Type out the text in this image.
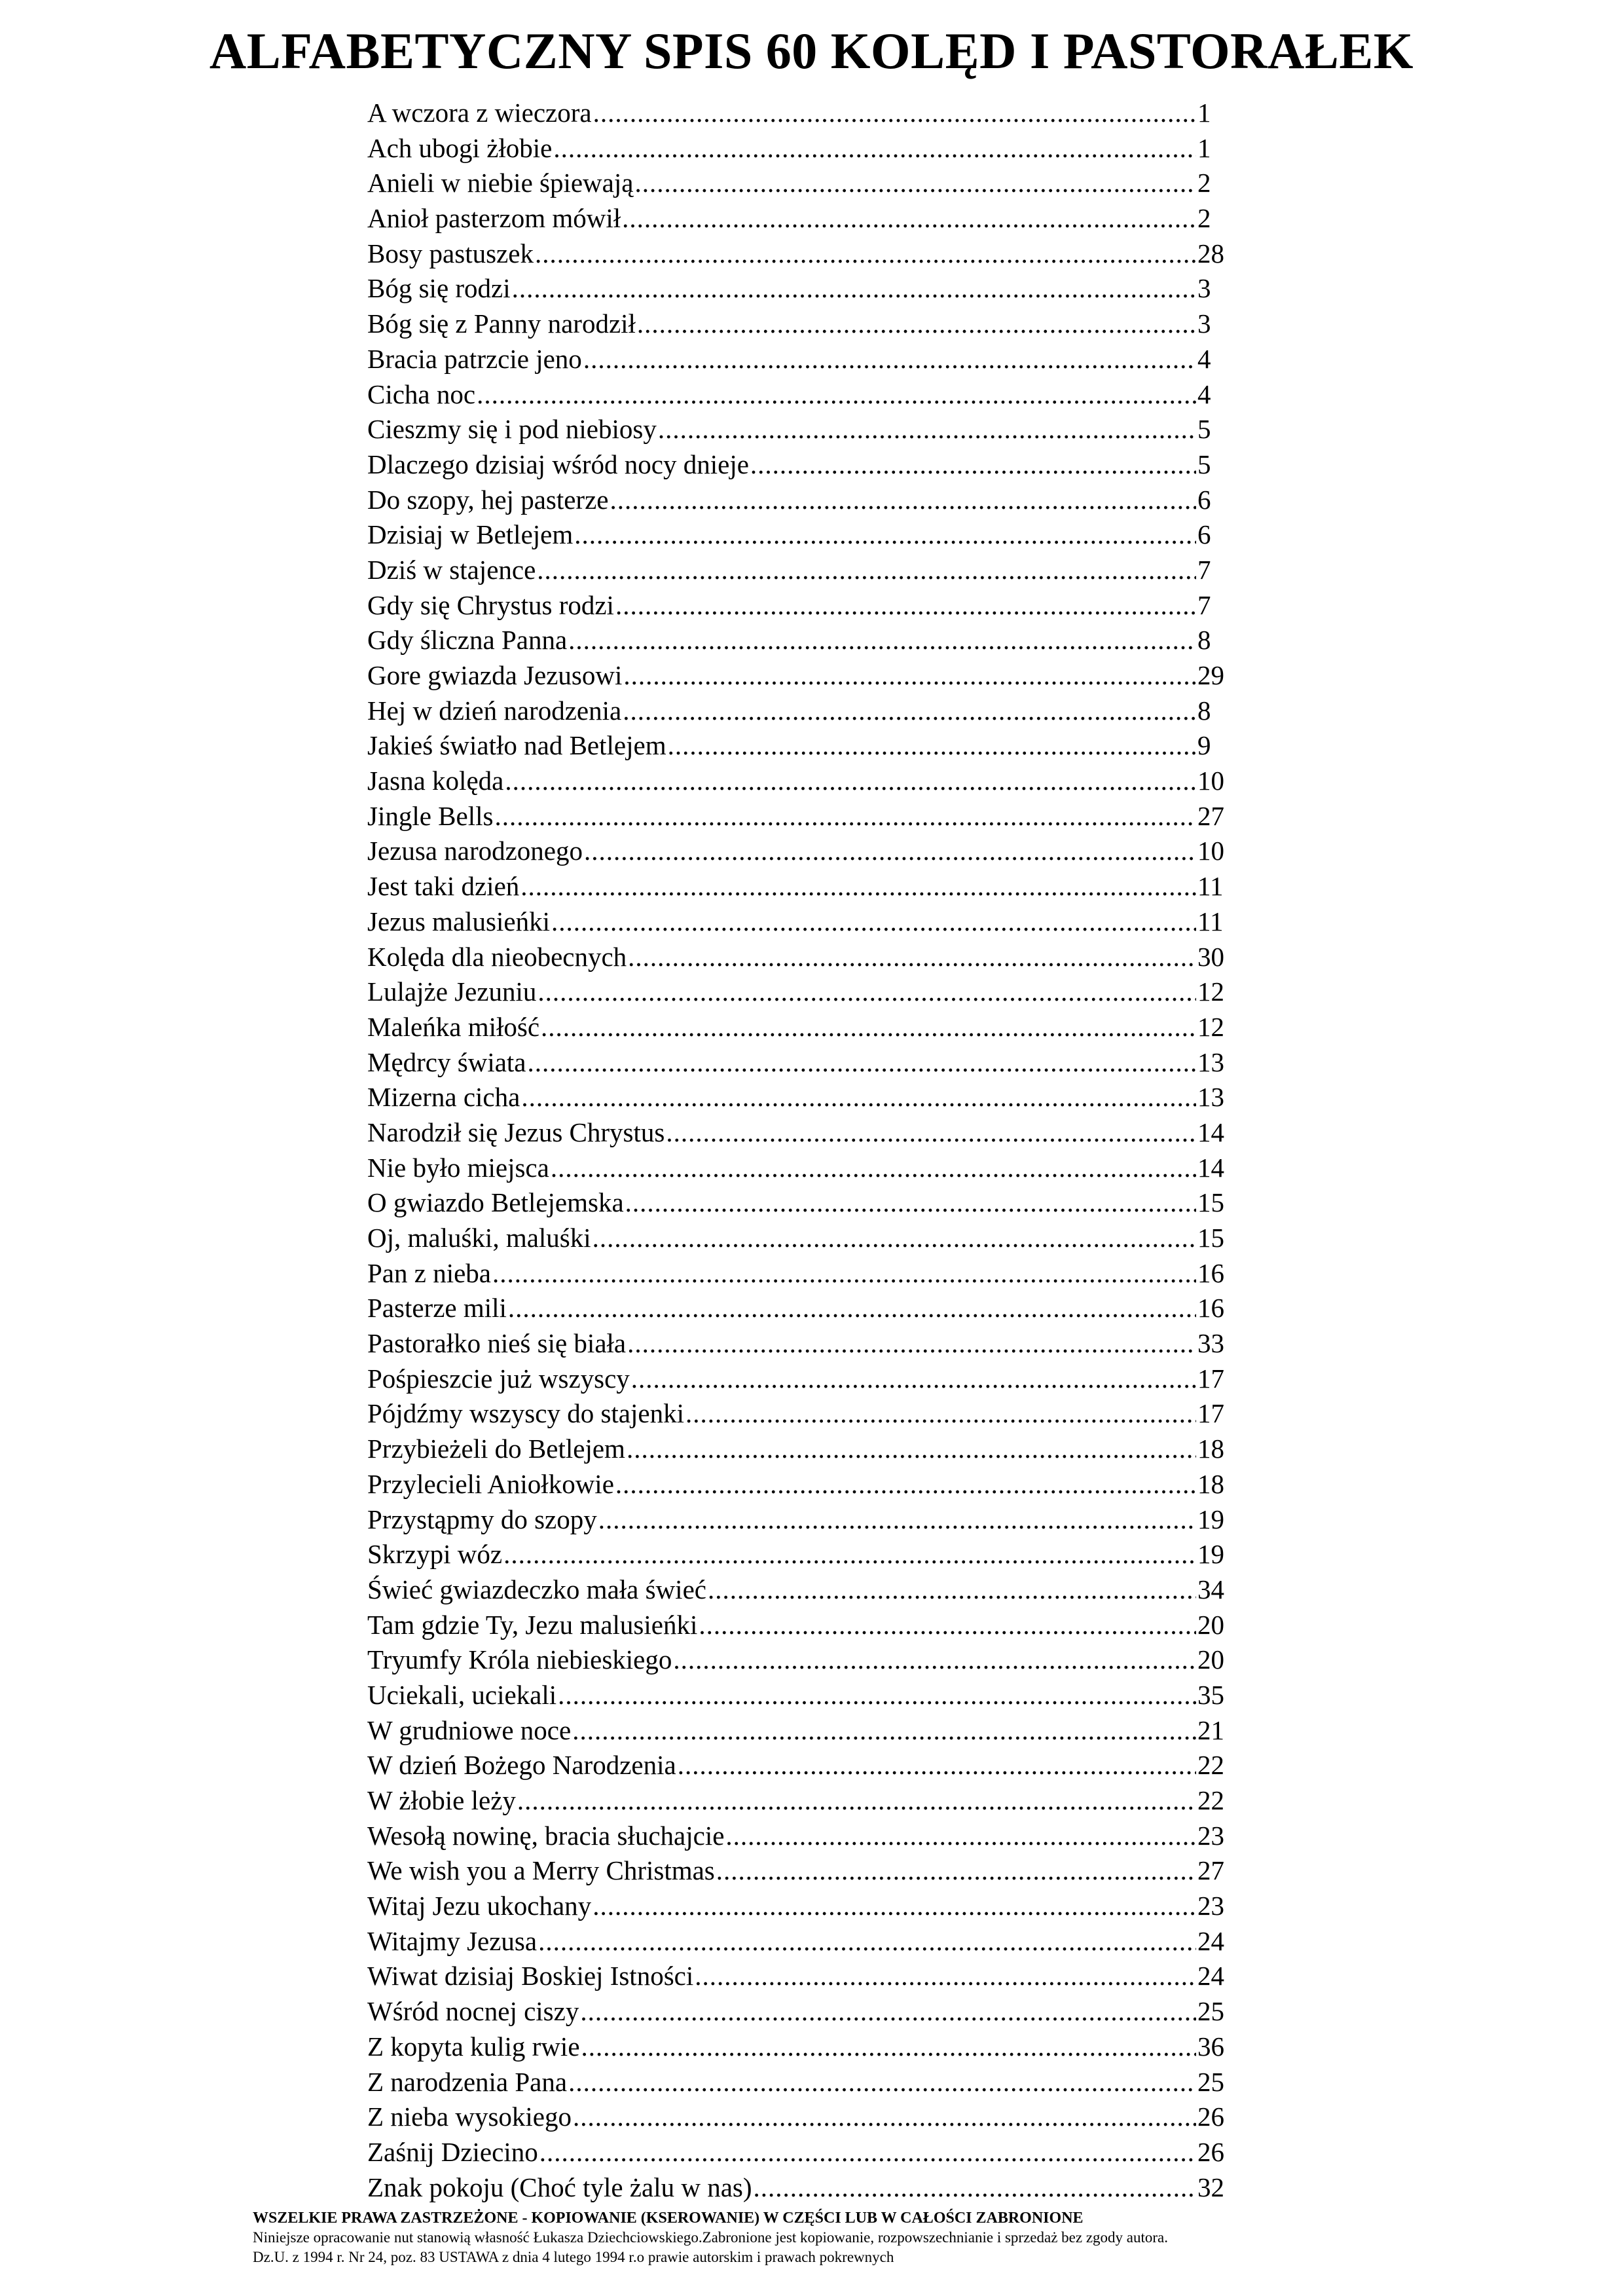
ALFABETYCZNY SPIS 60 KOLĘD I PASTORAŁEK
A wczora z wieczora .....	1
Ach ubogi żłobie .....	1
Anieli w niebie śpiewają .....	2
Anioł pasterzom mówił .....	2
Bosy pastuszek .....	28
Bóg się rodzi .....	3
Bóg się z Panny narodził .....	3
Bracia patrzcie jeno .....	4
Cicha noc .....	4
Cieszmy się i pod niebiosy .....	5
Dlaczego dzisiaj wśród nocy dnieje .....	5
Do szopy, hej pasterze .....	6
Dzisiaj w Betlejem .....	6
Dziś w stajence .....	7
Gdy się Chrystus rodzi .....	7
Gdy śliczna Panna .....	8
Gore gwiazda Jezusowi .....	29
Hej w dzień narodzenia .....	8
Jakieś światło nad Betlejem .....	9
Jasna kolęda .....	10
Jingle Bells .....	27
Jezusa narodzonego .....	10
Jest taki dzień .....	11
Jezus malusieńki .....	11
Kolęda dla nieobecnych .....	30
Lulajże Jezuniu .....	12
Maleńka miłość .....	12
Mędrcy świata .....	13
Mizerna cicha .....	13
Narodził się Jezus Chrystus .....	14
Nie było miejsca .....	14
O gwiazdo Betlejemska .....	15
Oj, maluśki, maluśki .....	15
Pan z nieba .....	16
Pasterze mili .....	16
Pastorałko nieś się biała .....	33
Pośpieszcie już wszyscy .....	17
Pójdźmy wszyscy do stajenki .....	17
Przybieżeli do Betlejem .....	18
Przylecieli Aniołkowie .....	18
Przystąpmy do szopy .....	19
Skrzypi wóz .....	19
Świeć gwiazdeczko mała świeć .....	34
Tam gdzie Ty, Jezu malusieńki .....	20
Tryumfy Króla niebieskiego .....	20
Uciekali, uciekali .....	35
W grudniowe noce .....	21
W dzień Bożego Narodzenia .....	22
W żłobie leży .....	22
Wesołą nowinę, bracia słuchajcie .....	23
We wish you a Merry Christmas .....	27
Witaj Jezu ukochany .....	23
Witajmy Jezusa .....	24
Wiwat dzisiaj Boskiej Istności .....	24
Wśród nocnej ciszy .....	25
Z kopyta kulig rwie .....	36
Z narodzenia Pana .....	25
Z nieba wysokiego .....	26
Zaśnij Dziecino .....	26
Znak pokoju (Choć tyle żalu w nas) .....	32
WSZELKIE PRAWA ZASTRZEŻONE - KOPIOWANIE (KSEROWANIE) W CZĘŚCI LUB W CAŁOŚCI ZABRONIONE
Niniejsze opracowanie nut stanowią własność Łukasza Dziechciowskiego.Zabronione jest kopiowanie, rozpowszechnianie i sprzedaż bez zgody autora.
Dz.U. z 1994 r. Nr 24, poz. 83 USTAWA z dnia 4 lutego 1994 r.o prawie autorskim i prawach pokrewnych
